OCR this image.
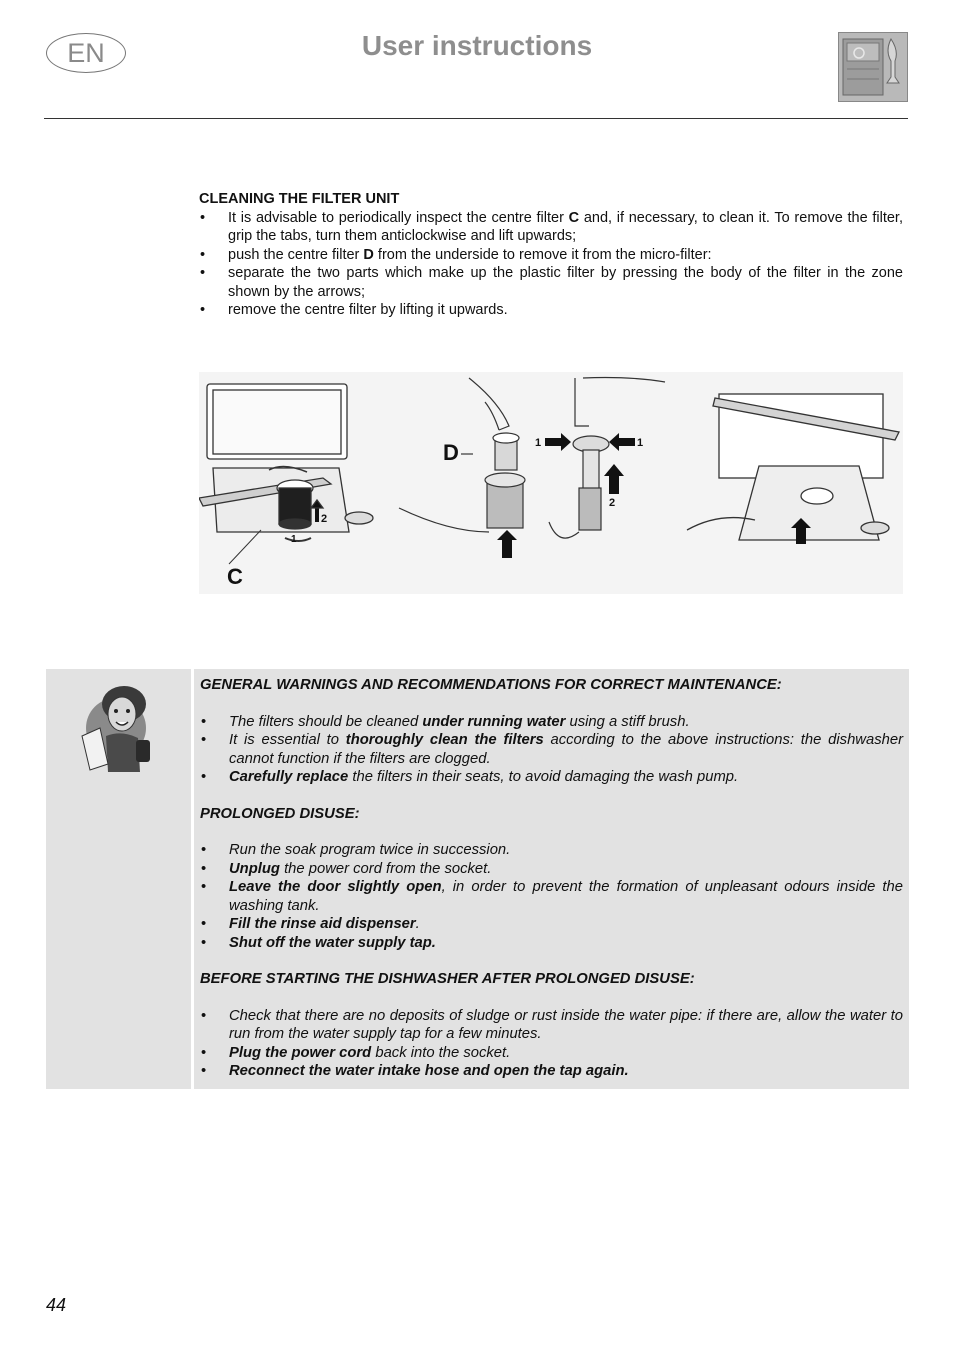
EN	User instructions

CLEANING THE FILTER UNIT

• It is advisable to periodically inspect the centre filter C and, if necessary, to clean it. To remove the filter, grip the tabs, turn them anticlockwise and lift upwards;
• push the centre filter D from the underside to remove it from the micro-filter:
• separate the two parts which make up the plastic filter by pressing the body of the filter in the zone shown by the arrows;
• remove the centre filter by lifting it upwards.
C
2
1
D	1	1
2

GENERAL WARNINGS AND RECOMMENDATIONS FOR CORRECT MAINTENANCE:

• The filters should be cleaned under running water using a stiff brush.
• It is essential to thoroughly clean the filters according to the above instructions: the dishwasher cannot function if the filters are clogged.
• Carefully replace the filters in their seats, to avoid damaging the wash pump.

PROLONGED DISUSE:

• Run the soak program twice in succession.
• Unplug the power cord from the socket.
• Leave the door slightly open, in order to prevent the formation of unpleasant odours inside the washing tank.
• Fill the rinse aid dispenser.
• Shut off the water supply tap.

BEFORE STARTING THE DISHWASHER AFTER PROLONGED DISUSE:

• Check that there are no deposits of sludge or rust inside the water pipe: if there are, allow the water to run from the water supply tap for a few minutes.
• Plug the power cord back into the socket.
• Reconnect the water intake hose and open the tap again.
44
